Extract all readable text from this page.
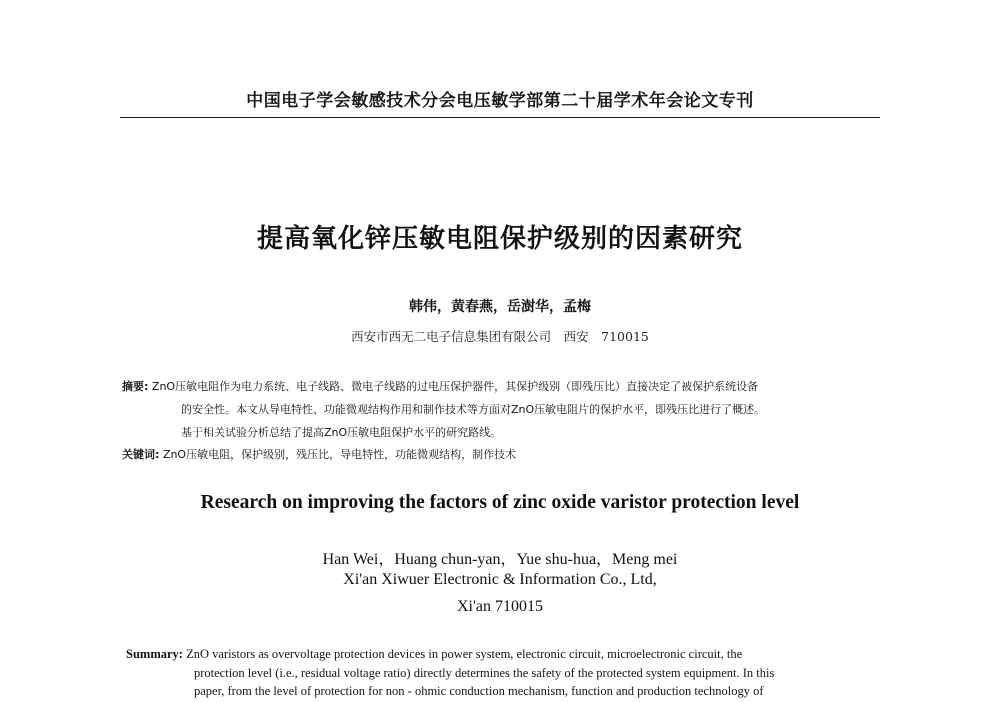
中国电子学会敏感技术分会电压敏学部第二十届学术年会论文专刊
提高氧化锌压敏电阻保护级别的因素研究
韩伟，黄春燕，岳澍华，孟梅
西安市西无二电子信息集团有限公司　西安　710015
摘要: ZnO压敏电阻作为电力系统、电子线路、微电子线路的过电压保护器件，其保护级别（即残压比）直接决定了被保护系统设备
的安全性。本文从导电特性、功能微观结构作用和制作技术等方面对ZnO压敏电阻片的保护水平，即残压比进行了概述。
基于相关试验分析总结了提高ZnO压敏电阻保护水平的研究路线。
关键词: ZnO压敏电阻，保护级别，残压比，导电特性，功能微观结构，制作技术
Research on improving the factors of zinc oxide varistor protection level
Han Wei，Huang chun-yan，Yue shu-hua，Meng mei
Xi'an Xiwuer Electronic & Information Co., Ltd,
Xi'an 710015
Summary: ZnO varistors as overvoltage protection devices in power system, electronic circuit, microelectronic circuit, the
protection level (i.e., residual voltage ratio) directly determines the safety of the protected system equipment. In this
paper, from the level of protection for non - ohmic conduction mechanism, function and production technology of
